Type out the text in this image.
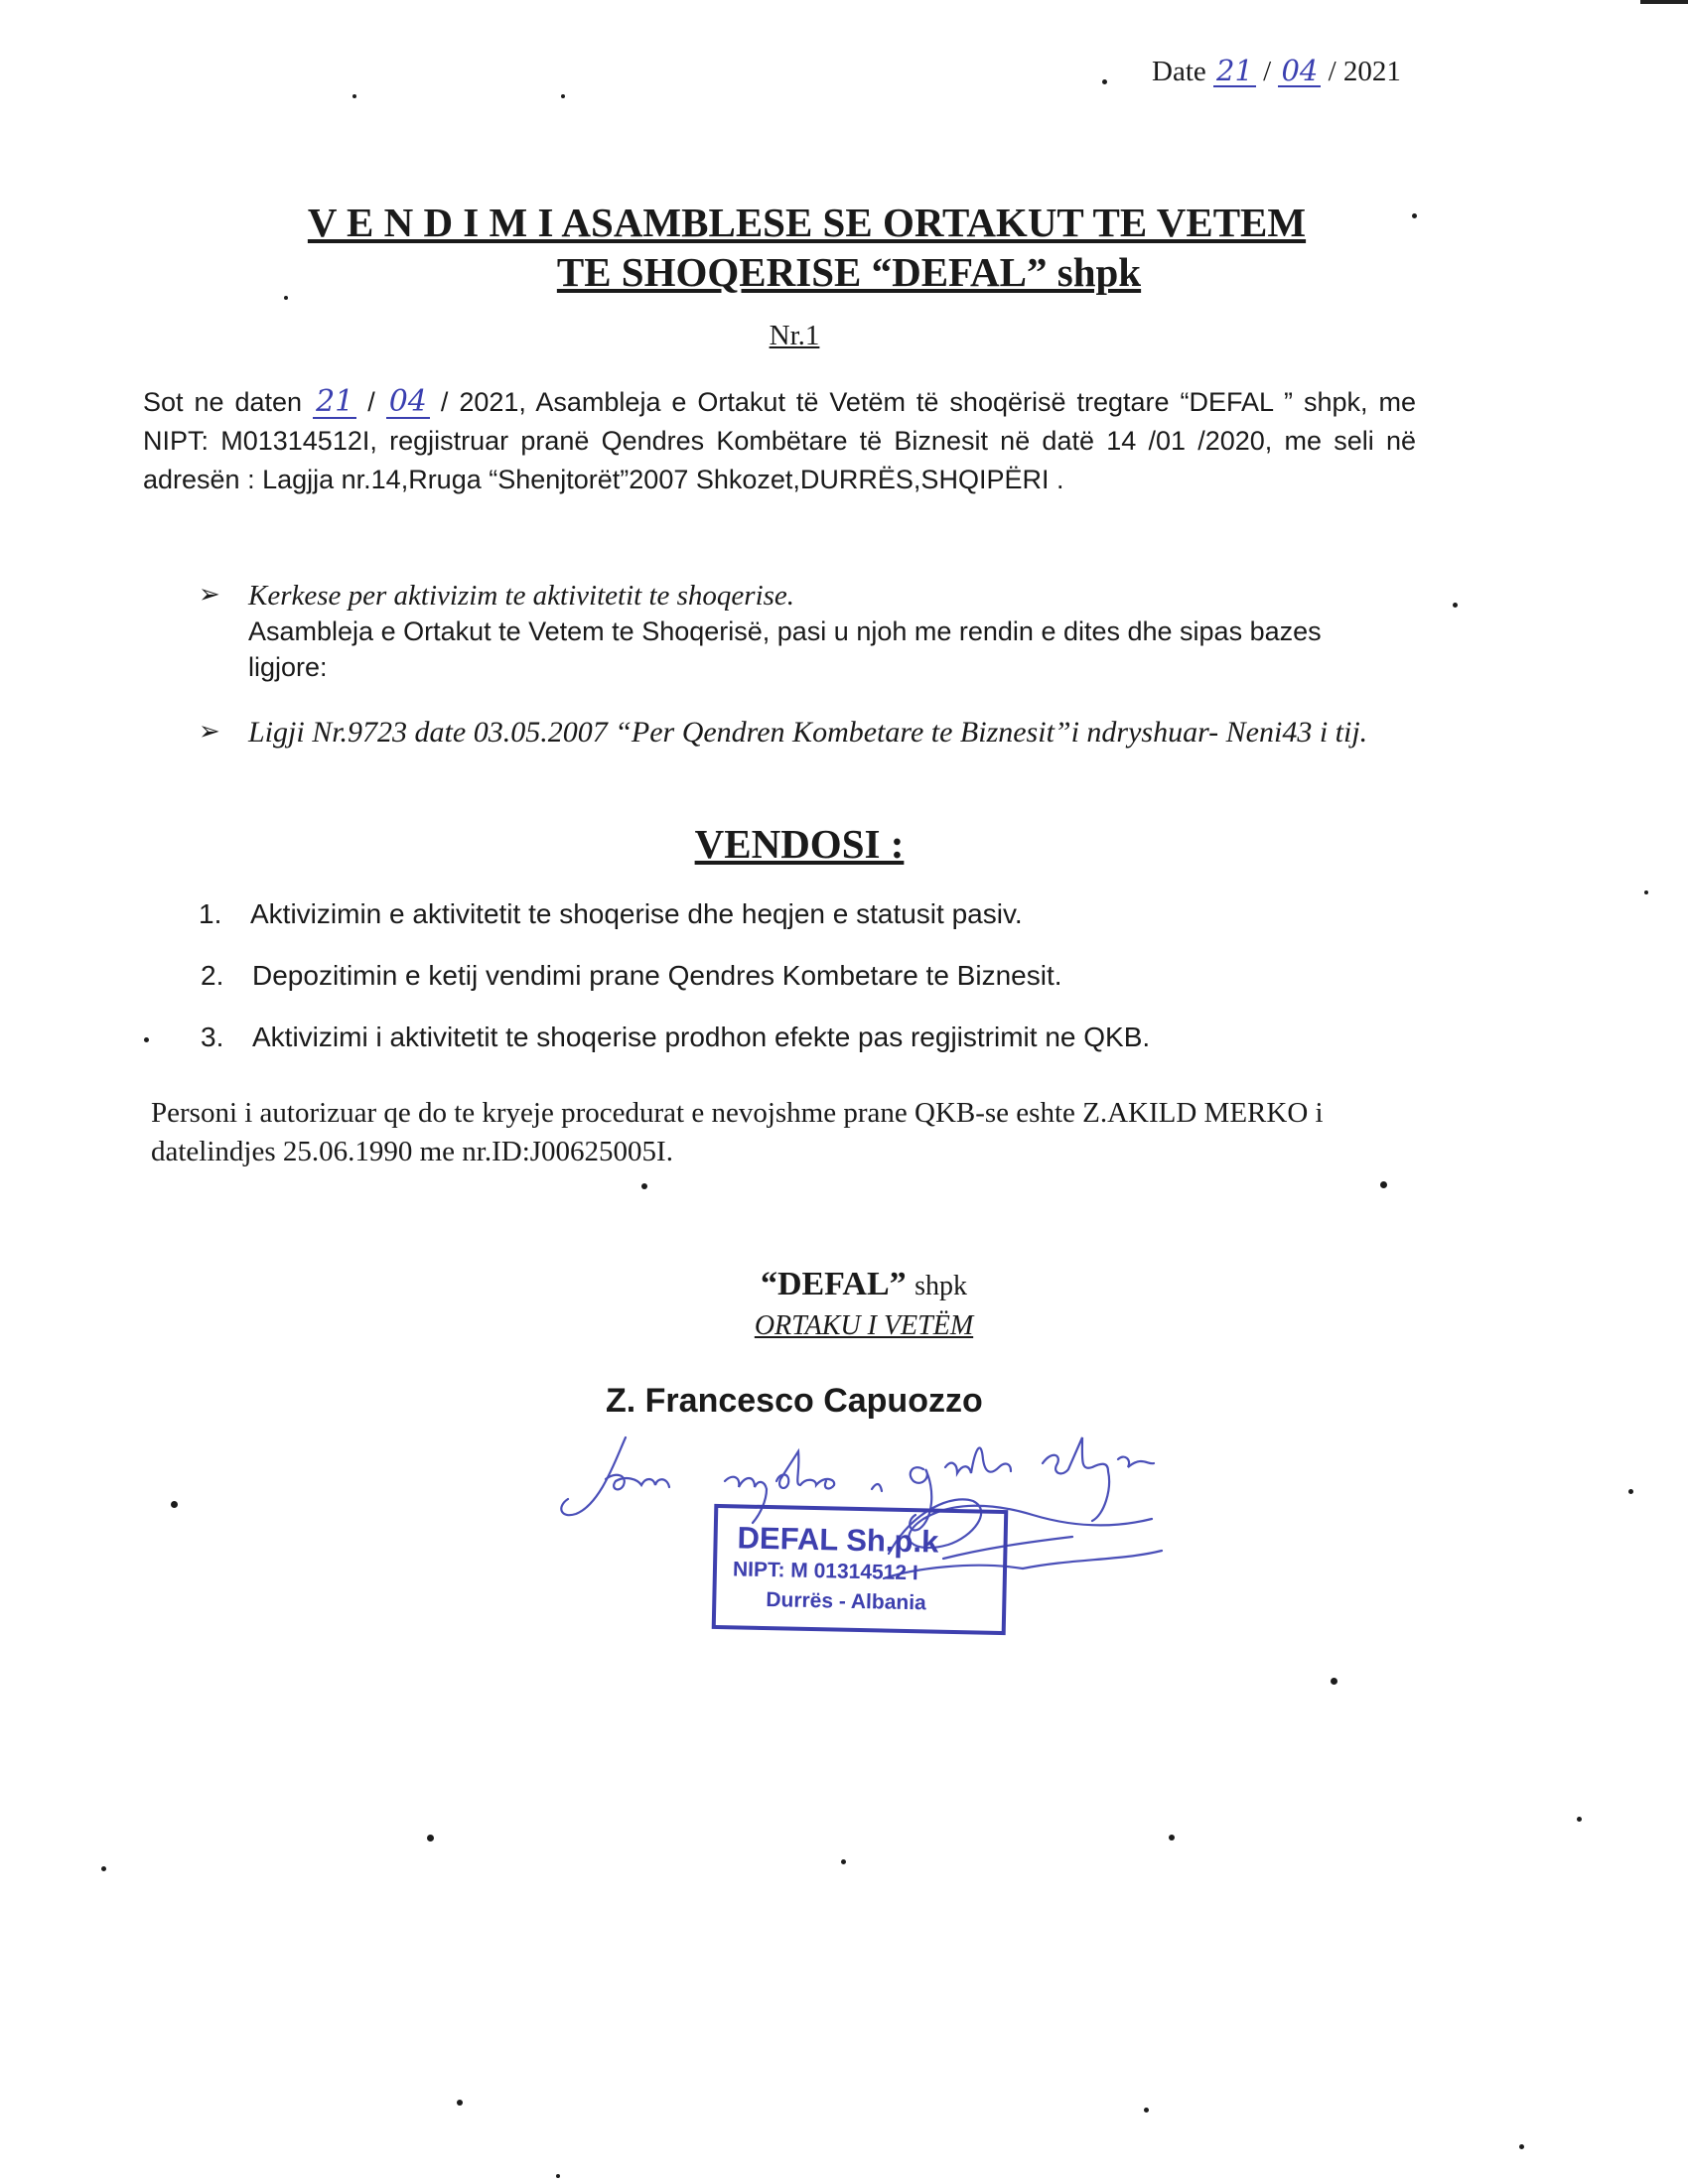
Date 21 / 04 / 2021
V E N D I M I ASAMBLESE SE ORTAKUT TE VETEM
TE SHOQERISE “DEFAL” shpk
Nr.1
Sot ne daten 21 / 04 / 2021, Asambleja e Ortakut të Vetëm të shoqërisë tregtare “DEFAL ” shpk, me NIPT: M01314512I, regjistruar pranë Qendres Kombëtare të Biznesit në datë 14 /01 /2020, me seli në adresën : Lagjja nr.14,Rruga “Shenjtorët”2007 Shkozet,DURRËS,SHQIPËRI .
➢ Kerkese per aktivizim te aktivitetit te shoqerise.
Asambleja e Ortakut te Vetem te Shoqerisë, pasi u njoh me rendin e dites dhe sipas bazes ligjore:
➢ Ligji Nr.9723 date 03.05.2007 “Per Qendren Kombetare te Biznesit”i ndryshuar- Neni43 i tij.
VENDOSI :
1. Aktivizimin e aktivitetit te shoqerise dhe heqjen e statusit pasiv.
2. Depozitimin e ketij vendimi prane Qendres Kombetare te Biznesit.
3. Aktivizimi i aktivitetit te shoqerise prodhon efekte pas regjistrimit ne QKB.
Personi i autorizuar qe do te kryeje procedurat e nevojshme prane QKB-se eshte Z.AKILD MERKO i datelindjes 25.06.1990 me nr.ID:J00625005I.
“DEFAL” shpk
ORTAKU I VETËM
Z. Francesco Capuozzo
DEFAL Sh.p.k
NIPT: M 01314512 I
Durrës - Albania
